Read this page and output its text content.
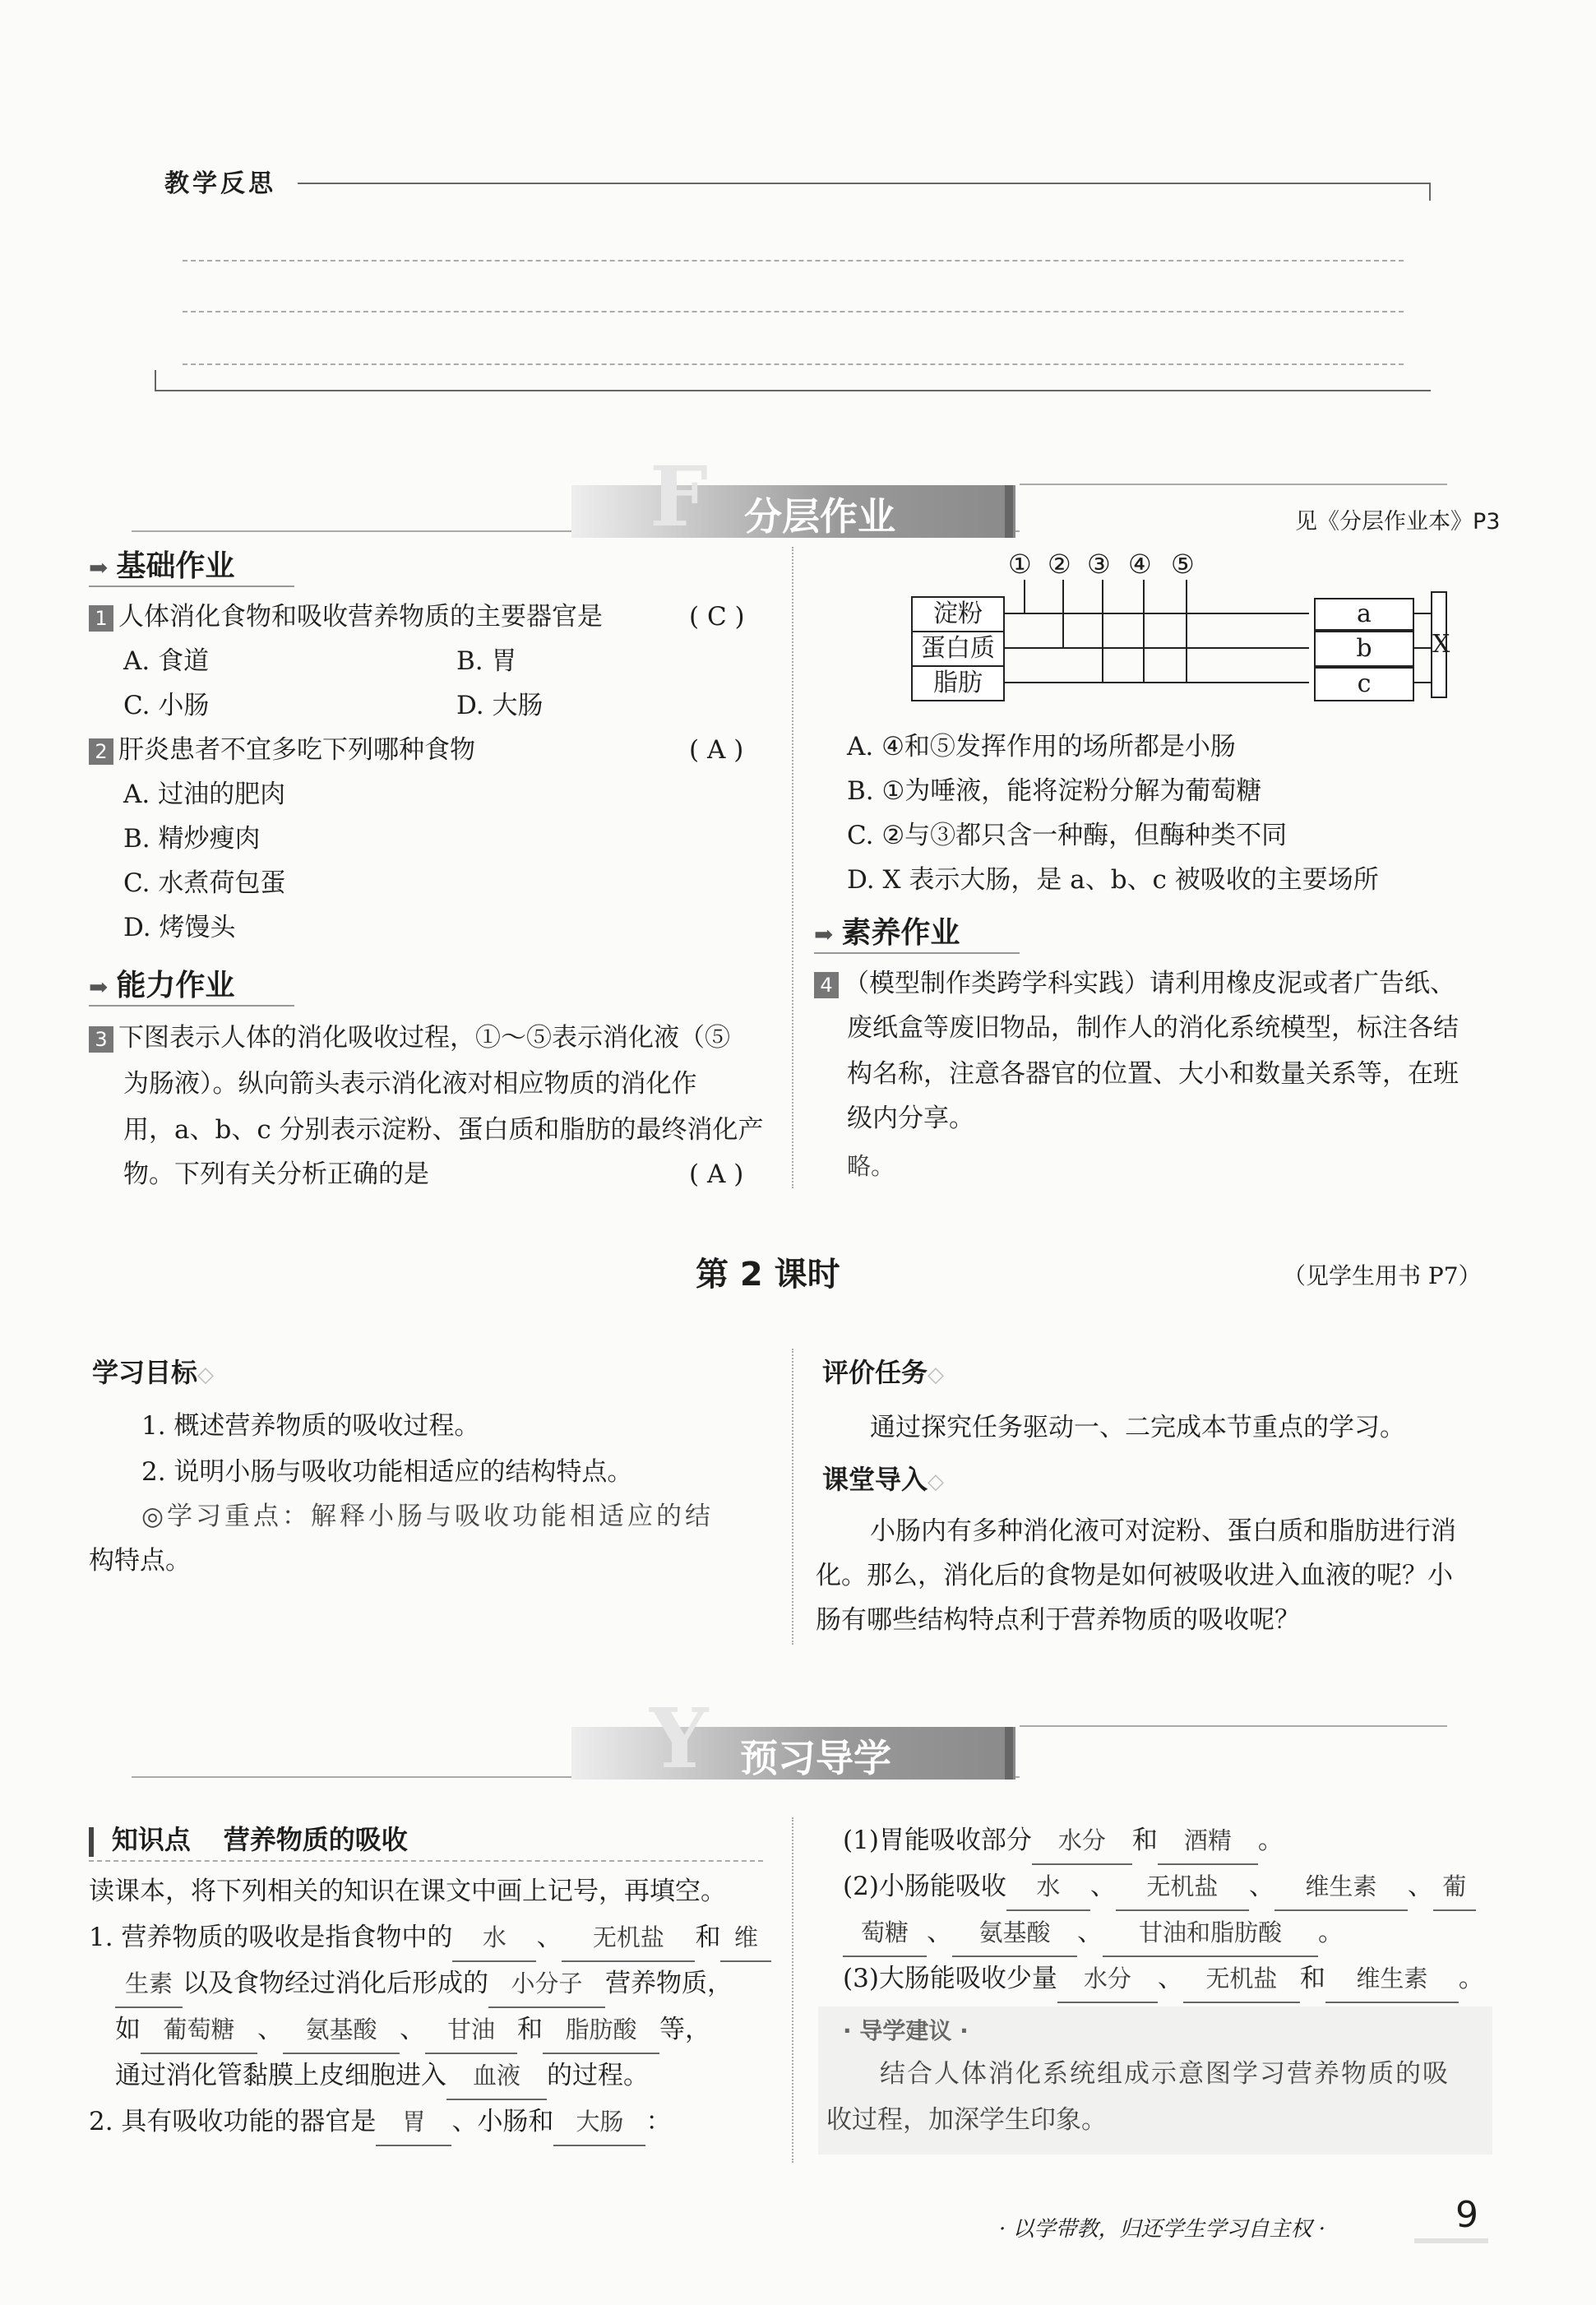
教学反思
F 分层作业	见《分层作业本》P3
➡ 基础作业
1 人体消化食物和吸收营养物质的主要器官是	( C )
A. 食道	B. 胃
C. 小肠	D. 大肠
2 肝炎患者不宜多吃下列哪种食物	( A )
A. 过油的肥肉
B. 精炒瘦肉
C. 水煮荷包蛋
D. 烤馒头
➡ 能力作业
3 下图表示人体的消化吸收过程，①～⑤表示消化液（⑤
为肠液）。纵向箭头表示消化液对相应物质的消化作
用，a、b、c 分别表示淀粉、蛋白质和脂肪的最终消化产
物。下列有关分析正确的是	( A )
① ② ③ ④ ⑤
淀粉
蛋白质
脂肪
a
b
c
X
A. ④和⑤发挥作用的场所都是小肠
B. ①为唾液，能将淀粉分解为葡萄糖
C. ②与③都只含一种酶，但酶种类不同
D. X 表示大肠，是 a、b、c 被吸收的主要场所
➡ 素养作业
4 （模型制作类跨学科实践）请利用橡皮泥或者广告纸、
废纸盒等废旧物品，制作人的消化系统模型，标注各结
构名称，注意各器官的位置、大小和数量关系等，在班
级内分享。
略。
第 2 课时	（见学生用书 P7）
学习目标◇
1. 概述营养物质的吸收过程。
2. 说明小肠与吸收功能相适应的结构特点。
◎学习重点：解释小肠与吸收功能相适应的结
构特点。
评价任务◇
通过探究任务驱动一、二完成本节重点的学习。
课堂导入◇
小肠内有多种消化液可对淀粉、蛋白质和脂肪进行消
化。那么，消化后的食物是如何被吸收进入血液的呢？小
肠有哪些结构特点利于营养物质的吸收呢？
Y 预习导学
知识点 营养物质的吸收
读课本，将下列相关的知识在课文中画上记号，再填空。
1. 营养物质的吸收是指食物中的 水 、 无机盐 和 维
生素 以及食物经过消化后形成的 小分子 营养物质，
如 葡萄糖 、 氨基酸 、 甘油 和 脂肪酸 等，
通过消化管黏膜上皮细胞进入 血液 的过程。
2. 具有吸收功能的器官是 胃 、小肠和 大肠 ：
(1)胃能吸收部分 水分 和 酒精 。
(2)小肠能吸收 水 、 无机盐 、 维生素 、 葡
萄糖 、 氨基酸 、 甘油和脂肪酸 。
(3)大肠能吸收少量 水分 、 无机盐 和 维生素 。
· 导学建议 ·
结合人体消化系统组成示意图学习营养物质的吸
收过程，加深学生印象。
· 以学带教，归还学生学习自主权 ·	9
